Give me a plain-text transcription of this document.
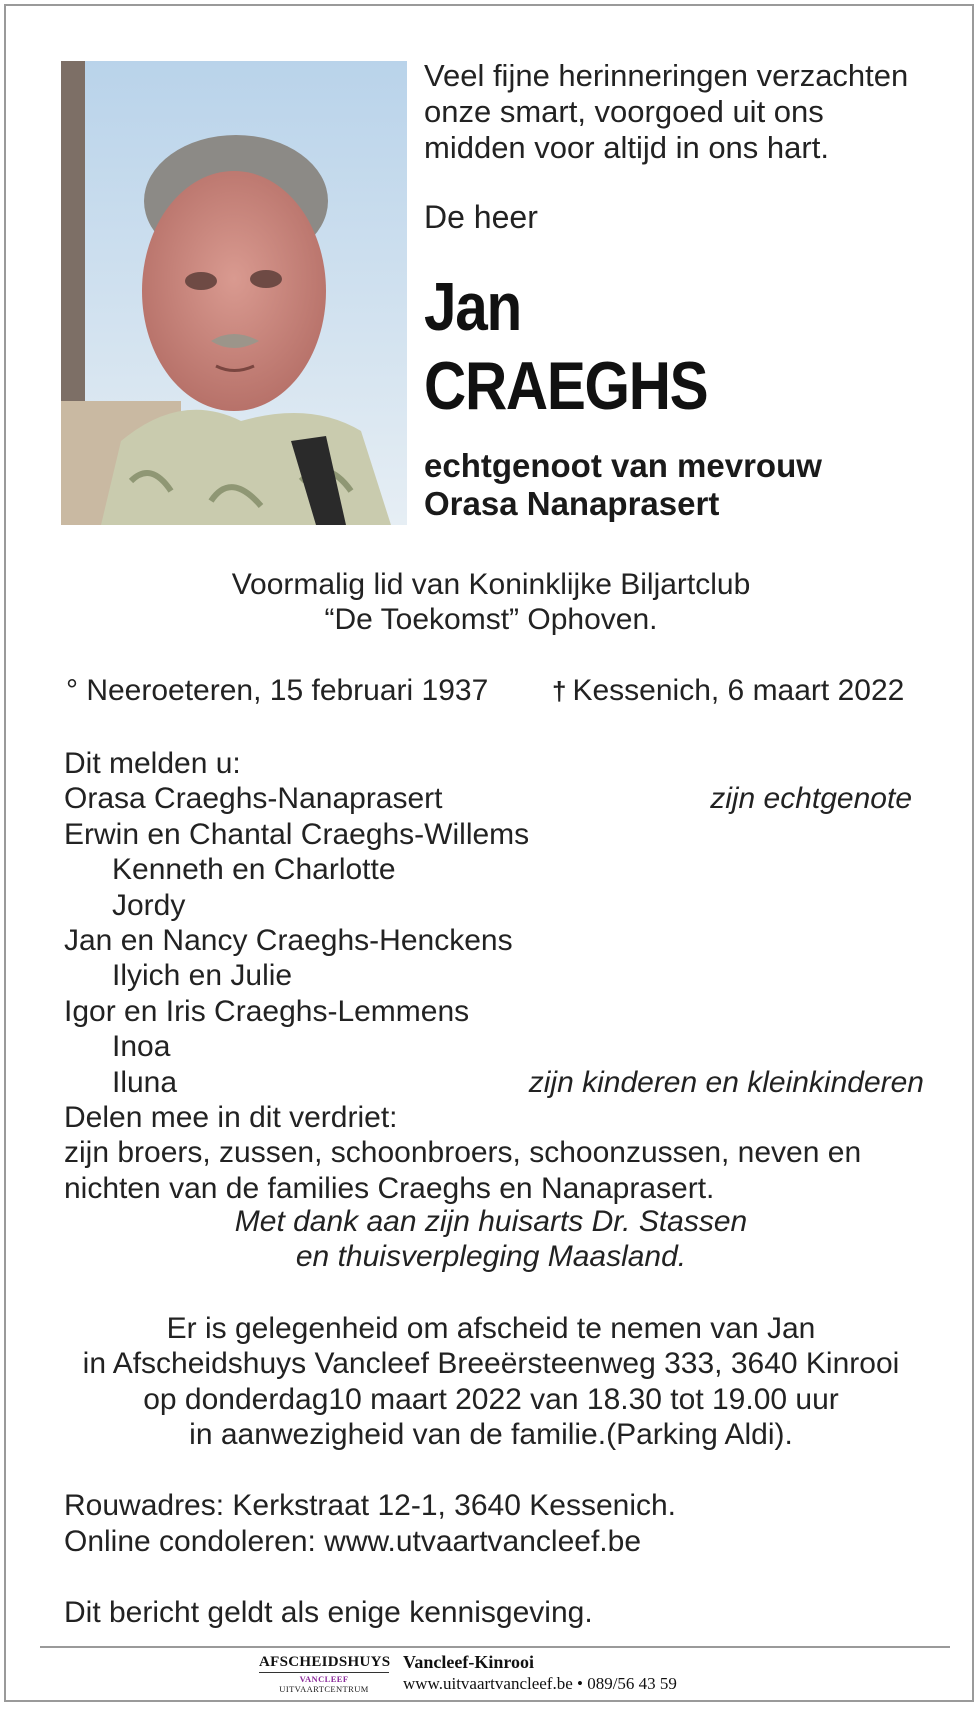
Veel fijne herinneringen verzachten
onze smart, voorgoed uit ons
midden voor altijd in ons hart.
De heer
Jan
CRAEGHS
echtgenoot van mevrouw
Orasa Nanaprasert
Voormalig lid van Koninklijke Biljartclub
“De Toekomst” Ophoven.
° Neeroeteren, 15 februari 1937 † Kessenich, 6 maart 2022
Dit melden u:
Orasa Craeghs-Nanaprasert	zijn echtgenote
Erwin en Chantal Craeghs-Willems
Kenneth en Charlotte
Jordy
Jan en Nancy Craeghs-Henckens
Ilyich en Julie
Igor en Iris Craeghs-Lemmens
Inoa
Iluna	zijn kinderen en kleinkinderen
Delen mee in dit verdriet:
zijn broers, zussen, schoonbroers, schoonzussen, neven en nichten van de families Craeghs en Nanaprasert.
Met dank aan zijn huisarts Dr. Stassen
en thuisverpleging Maasland.
Er is gelegenheid om afscheid te nemen van Jan
in Afscheidshuys Vancleef Breeërsteenweg 333, 3640 Kinrooi
op donderdag10 maart 2022 van 18.30 tot 19.00 uur
in aanwezigheid van de familie.(Parking Aldi).
Rouwadres: Kerkstraat 12-1, 3640 Kessenich.
Online condoleren: www.utvaartvancleef.be
Dit bericht geldt als enige kennisgeving.
AFSCHEIDSHUYS
VANCLEEF UITVAARTCENTRUM
Vancleef-Kinrooi
www.uitvaartvancleef.be • 089/56 43 59
